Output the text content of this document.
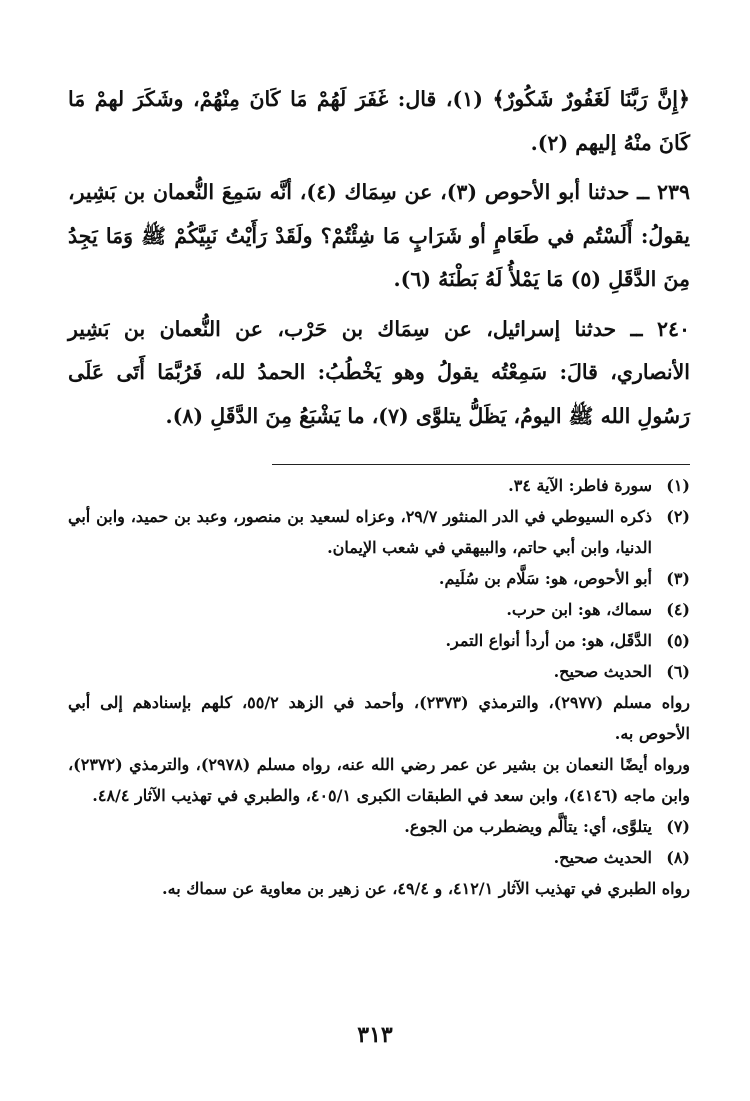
﴿إِنَّ رَبَّنَا لَغَفُورٌ شَكُورٌ﴾ (١)، قال: غَفَرَ لَهُمْ مَا كَانَ مِنْهُمْ، وشَكَرَ لهمْ مَا كَانَ منْهُ إليهم (٢).

٢٣٩ ــ حدثنا أبو الأحوص (٣)، عن سِمَاك (٤)، أنَّه سَمِعَ النُّعمان بن بَشِير، يقولُ: أَلَسْتُم في طَعَامٍ أو شَرَابٍ مَا شِئْتُمْ؟ ولَقَدْ رَأَيْتُ نَبِيَّكُمْ ﷺ وَمَا يَجِدُ مِنَ الدَّقَلِ (٥) مَا يَمْلأُ لَهُ بَطْنَهُ (٦).

٢٤٠ ــ حدثنا إسرائيل، عن سِمَاك بن حَرْب، عن النُّعمان بن بَشِير الأنصاري، قالَ: سَمِعْتُه يقولُ وهو يَخْطُبُ: الحمدُ لله، فَرُبَّمَا أَتَى عَلَى رَسُولِ الله ﷺ اليومُ، يَظَلُّ يتلوَّى (٧)، ما يَشْبَعُ مِنَ الدَّقَلِ (٨).

(١)
سورة فاطر: الآية ٣٤.

(٢)
ذكره السيوطي في الدر المنثور ٢٩/٧، وعزاه لسعيد بن منصور، وعبد بن حميد، وابن أبي الدنيا، وابن أبي حاتم، والبيهقي في شعب الإيمان.

(٣)
أبو الأحوص، هو: سَلَّام بن سُلَيم.

(٤)
سماك، هو: ابن حرب.

(٥)
الدَّقَل، هو: من أردأ أنواع التمر.

(٦)
الحديث صحيح.

رواه مسلم (٢٩٧٧)، والترمذي (٢٣٧٣)، وأحمد في الزهد ٥٥/٢، كلهم بإسنادهم إلى أبي الأحوص به.

ورواه أيضًا النعمان بن بشير عن عمر رضي الله عنه، رواه مسلم (٢٩٧٨)، والترمذي (٢٣٧٢)، وابن ماجه (٤١٤٦)، وابن سعد في الطبقات الكبرى ٤٠٥/١، والطبري في تهذيب الآثار ٤٨/٤.

(٧)
يتلوَّى، أي: يتألَّم ويضطرب من الجوع.

(٨)
الحديث صحيح.

رواه الطبري في تهذيب الآثار ٤١٢/١، و ٤٩/٤، عن زهير بن معاوية عن سماك به.

٣١٣
